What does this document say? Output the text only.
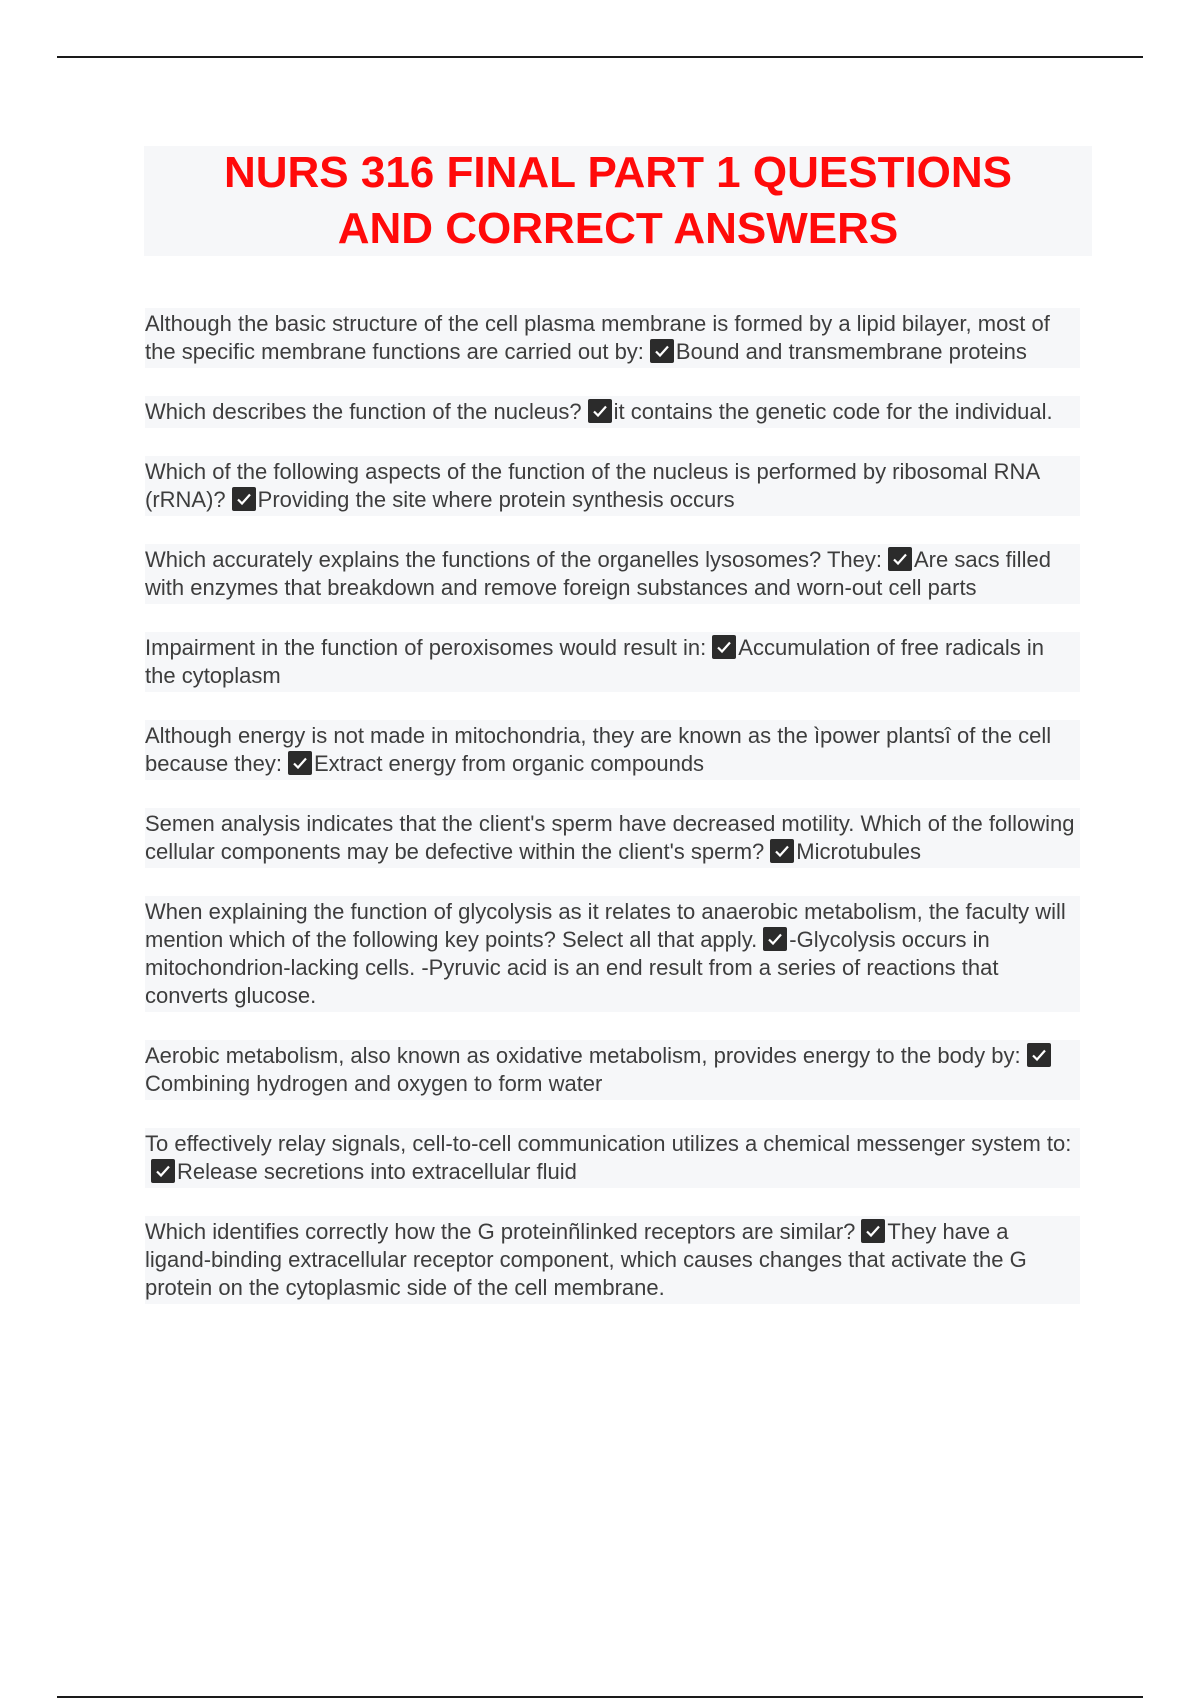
NURS 316 FINAL PART 1 QUESTIONS
AND CORRECT ANSWERS

Although the basic structure of the cell plasma membrane is formed by a lipid bilayer, most of the specific membrane functions are carried out by: Bound and transmembrane proteins

Which describes the function of the nucleus? it contains the genetic code for the individual.

Which of the following aspects of the function of the nucleus is performed by ribosomal RNA (rRNA)? Providing the site where protein synthesis occurs

Which accurately explains the functions of the organelles lysosomes? They: Are sacs filled with enzymes that breakdown and remove foreign substances and worn-out cell parts

Impairment in the function of peroxisomes would result in: Accumulation of free radicals in the cytoplasm

Although energy is not made in mitochondria, they are known as the ìpower plantsî of the cell because they: Extract energy from organic compounds

Semen analysis indicates that the client's sperm have decreased motility. Which of the following cellular components may be defective within the client's sperm? Microtubules

When explaining the function of glycolysis as it relates to anaerobic metabolism, the faculty will mention which of the following key points? Select all that apply. -Glycolysis occurs in mitochondrion-lacking cells. -Pyruvic acid is an end result from a series of reactions that converts glucose.

Aerobic metabolism, also known as oxidative metabolism, provides energy to the body by:
Combining hydrogen and oxygen to form water

To effectively relay signals, cell-to-cell communication utilizes a chemical messenger system to:
Release secretions into extracellular fluid

Which identifies correctly how the G proteinñlinked receptors are similar? They have a ligand-binding extracellular receptor component, which causes changes that activate the G protein on the cytoplasmic side of the cell membrane.
